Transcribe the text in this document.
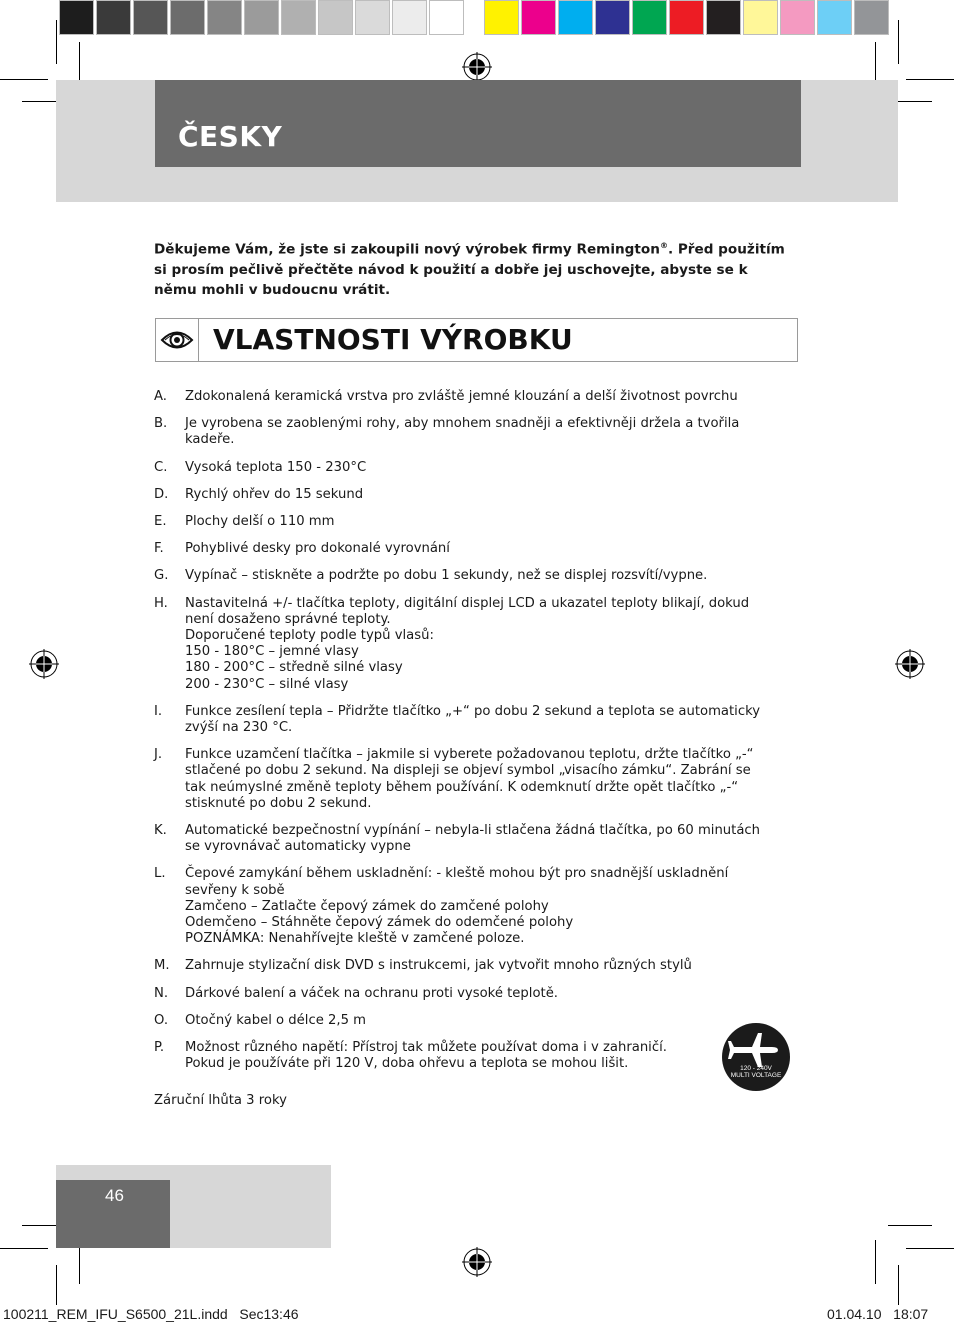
ČESKY
Děkujeme Vám, že jste si zakoupili nový výrobek firmy Remington®. Před použitím si prosím pečlivě přečtěte návod k použití a dobře jej uschovejte, abyste se k němu mohli v budoucnu vrátit.
VLASTNOSTI VÝROBKU
A.	Zdokonalená keramická vrstva pro zvláště jemné klouzání a delší životnost povrchu
B.	Je vyrobena se zaoblenými rohy, aby mnohem snadněji a efektivněji držela a tvořila
kadeře.
C.	Vysoká teplota 150 - 230°C
D.	Rychlý ohřev do 15 sekund
E.	Plochy delší o 110 mm
F.	Pohyblivé desky pro dokonalé vyrovnání
G.	Vypínač – stiskněte a podržte po dobu 1 sekundy, než se displej rozsvítí/vypne.
H.	Nastavitelná +/- tlačítka teploty, digitální displej LCD a ukazatel teploty blikají, dokud
není dosaženo správné teploty.
Doporučené teploty podle typů vlasů:
150 - 180°C – jemné vlasy
180 - 200°C – středně silné vlasy
200 - 230°C – silné vlasy
I.	Funkce zesílení tepla – Přidržte tlačítko „+“ po dobu 2 sekund a teplota se automaticky
zvýší na 230 °C.
J.	Funkce uzamčení tlačítka – jakmile si vyberete požadovanou teplotu, držte tlačítko „-“
stlačené po dobu 2 sekund. Na displeji se objeví symbol „visacího zámku“. Zabrání se
tak neúmyslné změně teploty během používání. K odemknutí držte opět tlačítko „-“
stisknuté po dobu 2 sekund.
K.	Automatické bezpečnostní vypínání – nebyla-li stlačena žádná tlačítka, po 60 minutách
se vyrovnávač automaticky vypne
L.	Čepové zamykání během uskladnění: - kleště mohou být pro snadnější uskladnění
sevřeny k sobě
Zamčeno – Zatlačte čepový zámek do zamčené polohy
Odemčeno – Stáhněte čepový zámek do odemčené polohy
POZNÁMKA: Nenahřívejte kleště v zamčené poloze.
M.	Zahrnuje stylizační disk DVD s instrukcemi, jak vytvořit mnoho různých stylů
N.	Dárkové balení a váček na ochranu proti vysoké teplotě.
O.	Otočný kabel o délce 2,5 m
P.	Možnost různého napětí: Přístroj tak můžete používat doma i v zahraničí.
Pokud je používáte při 120 V, doba ohřevu a teplota se mohou lišit.
Záruční lhůta 3 roky
120 - 240V
MULTI VOLTAGE
46
100211_REM_IFU_S6500_21L.indd   Sec13:46	01.04.10   18:07
